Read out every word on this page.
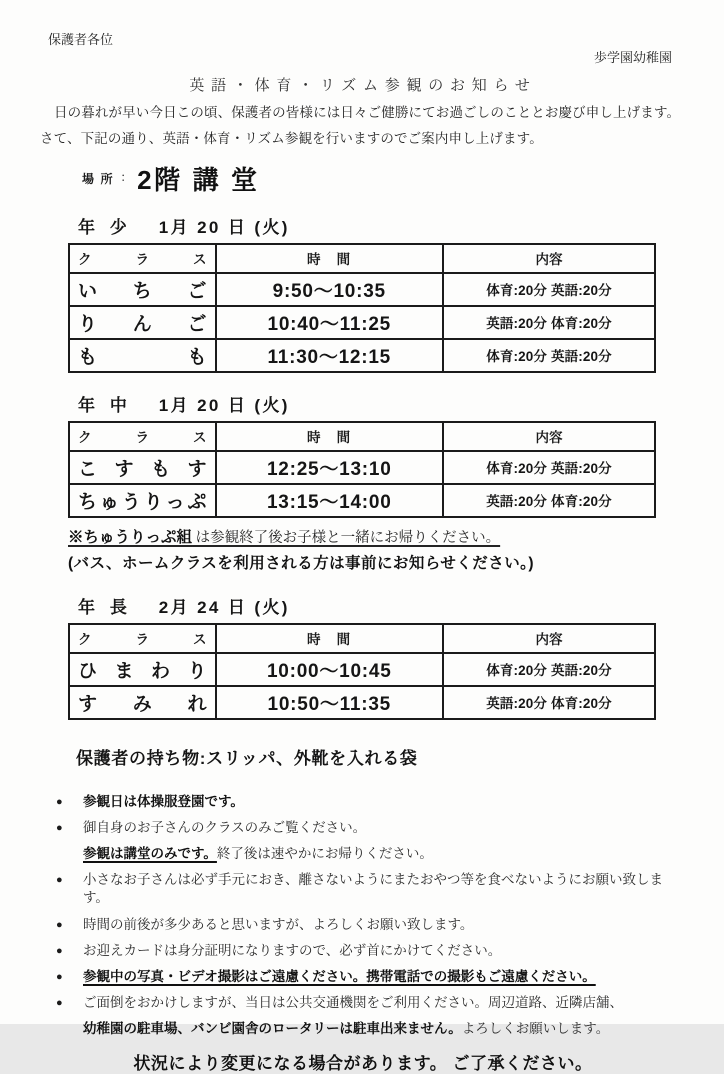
保護者各位
歩学園幼稚園
英語・体育・リズム参観のお知らせ
日の暮れが早い今日この頃、保護者の皆様には日々ご健勝にてお過ごしのこととお慶び申し上げます。
さて、下記の通り、英語・体育・リズム参観を行いますのでご案内申し上げます。
場所 : 2階 講 堂
年 少 1月 20 日 (火)
ク ラ ス	時　間	内容
い ち ご	9:50〜10:35	体育:20分 英語:20分
り ん ご	10:40〜11:25	英語:20分 体育:20分
も も	11:30〜12:15	体育:20分 英語:20分
年 中 1月 20 日 (火)
ク ラ ス	時　間	内容
こ す も す	12:25〜13:10	体育:20分 英語:20分
ちゅうりっぷ	13:15〜14:00	英語:20分 体育:20分
※ちゅうりっぷ組 は参観終了後お子様と一緒にお帰りください。
(バス、ホームクラスを利用される方は事前にお知らせください。)
年 長 2月 24 日 (火)
ク ラ ス	時　間	内容
ひ ま わ り	10:00〜10:45	体育:20分 英語:20分
す み れ	10:50〜11:35	英語:20分 体育:20分
保護者の持ち物:スリッパ、外靴を入れる袋
●	参観日は体操服登園です。
●	御自身のお子さんのクラスのみご覧ください。
参観は講堂のみです。 終了後は速やかにお帰りください。
●	小さなお子さんは必ず手元におき、離さないようにまたおやつ等を食べないようにお願い致します。
●	時間の前後が多少あると思いますが、よろしくお願い致します。
●	お迎えカードは身分証明になりますので、必ず首にかけてください。
●	参観中の写真・ビデオ撮影はご遠慮ください。携帯電話での撮影もご遠慮ください。
●	ご面倒をおかけしますが、当日は公共交通機関をご利用ください。周辺道路、近隣店舗、
幼稚園の駐車場、バンビ園舎のロータリーは駐車出来ません。 よろしくお願いします。
状況により変更になる場合があります。 ご了承ください。
